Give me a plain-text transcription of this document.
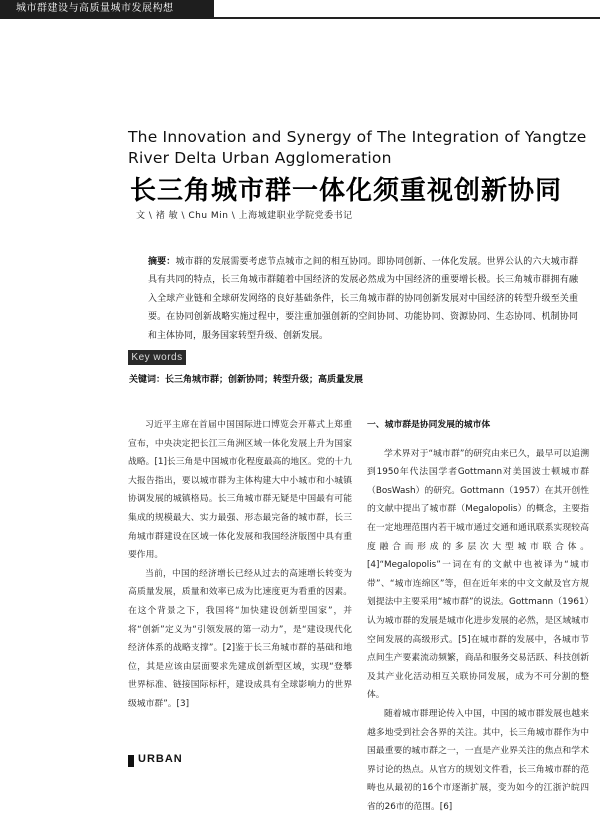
城市群建设与高质量城市发展构想
The Innovation and Synergy of The Integration of Yangtze River Delta Urban Agglomeration
长三角城市群一体化须重视创新协同
文 \ 褚 敏 \ Chu Min \ 上海城建职业学院党委书记
摘要：城市群的发展需要考虑节点城市之间的相互协同。即协同创新、一体化发展。世界公认的六大城市群具有共同的特点，长三角城市群随着中国经济的发展必然成为中国经济的重要增长极。长三角城市群拥有融入全球产业链和全球研发网络的良好基础条件，长三角城市群的协同创新发展对中国经济的转型升级至关重要。在协同创新战略实施过程中，要注重加强创新的空间协同、功能协同、资源协同、生态协同、机制协同和主体协同，服务国家转型升级、创新发展。
Key words
关键词：长三角城市群；创新协同；转型升级；高质量发展

习近平主席在首届中国国际进口博览会开幕式上郑重宣布，中央决定把长江三角洲区域一体化发展上升为国家战略。[1]长三角是中国城市化程度最高的地区。党的十九大报告指出，要以城市群为主体构建大中小城市和小城镇协调发展的城镇格局。长三角城市群无疑是中国最有可能集成的规模最大、实力最强、形态最完备的城市群，长三角城市群建设在区域一体化发展和我国经济版图中具有重要作用。

当前，中国的经济增长已经从过去的高速增长转变为高质量发展，质量和效率已成为比速度更为看重的因素。在这个背景之下，我国将“加快建设创新型国家”，并将“创新”定义为“引领发展的第一动力”，是“建设现代化经济体系的战略支撑”。[2]鉴于长三角城市群的基础和地位，其是应该由层面要求先建成创新型区域，实现“登攀世界标准、链接国际标杆，建设成具有全球影响力的世界级城市群”。[3]

一、城市群是协同发展的城市体

学术界对于“城市群”的研究由来已久，最早可以追溯到1950年代法国学者Gottmann对美国波士顿城市群（BosWash）的研究。Gottmann（1957）在其开创性的文献中提出了城市群（Megalopolis）的概念，主要指在一定地理范围内若干城市通过交通和通讯联系实现较高度融合而形成的多层次大型城市联合体。[4]“Megalopolis”一词在有的文献中也被译为“城市带”、“城市连绵区”等，但在近年来的中文文献及官方规划提法中主要采用“城市群”的说法。Gottmann（1961）认为城市群的发展是城市化进步发展的必然，是区域城市空间发展的高级形式。[5]在城市群的发展中，各城市节点间生产要素流动频繁，商品和服务交易活跃、科技创新及其产业化活动相互关联协同发展，成为不可分割的整体。

随着城市群理论传入中国，中国的城市群发展也越来越多地受到社会各界的关注。其中，长三角城市群作为中国最重要的城市群之一，一直是产业界关注的焦点和学术界讨论的热点。从官方的规划文件看，长三角城市群的范畴也从最初的16个市逐渐扩展，变为如今的江浙沪皖四省的26市的范围。[6]

URBAN
